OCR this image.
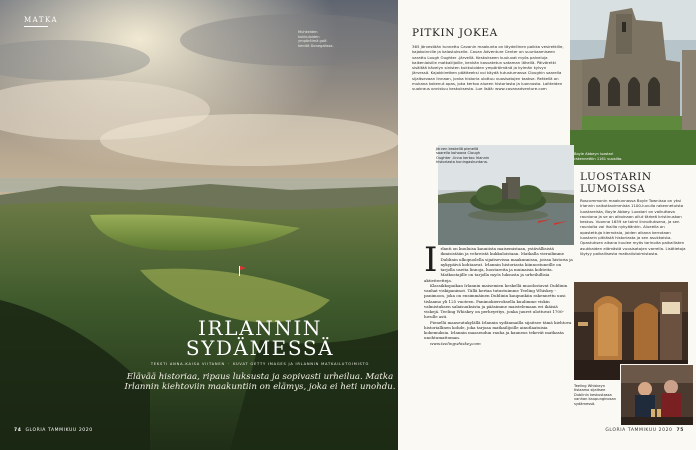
MATKA
Muhkeiden kukkuloiden ympäröimä golf-kenttä Donegalissa.
IRLANNIN
SYDÄMESSÄ
TEKSTI ANNA-KAISA VIITANEN · KUVAT GETTY IMAGES JA IRLANNIN MATKAILUTOIMISTO
Elävää historiaa, ripaus luksusta ja sopivasti urheilua. Matka Irlannin kiehtoviin maakuntiin on elämys, joka ei heti unohdu.
74 GLORIA TAMMIKUU 2020
PITKIN JOKEA

365 järvestään tunnettu Cavanin maakunta on täydellinen paikka vesiretkille, kajakoinnille ja kalastukselle. Cavan Adventure Center on suuntaamiseen varattu Lough Oughter -järvellä. Keskukseen kuuluvat myös palveluja kaikenlaisille matkailijoille, kenkän kasvatetun sataman lähellä. Päiväretki sisältää kävelyn sinisten kukkuloiden ympäröimänä ja kylmän kylvyn järvessä. Kajakkiretken päätteeksi voi käydä tutustumassa Cloughin saarella sijaitsevaan linnaan, jonka historia ulottuu vuosisatojen taakse. Retkellä on mukana kokenut opas, joka kertoo alueen historiasta ja luonnosta. Laitteiden vuokraus onnistuu keskuksesta. Lue lisää: www.cavanadventure.com

Boyle Abbeyn luostari rakennettiin 1161 vuosilta.
Järven keskellä pienellä saarella kohoava Clough Oughter -linna kertoo Irlannin historiasta kuningaskuntana.
LUOSTARIN
LUMOISSA

Roscommonin maakunnassa Boyle Townissa on yksi Irlannin vaikuttavimmista 1100-luvulla rakennetuista luostareista, Boyle Abbey. Luostari on vaikuttava rauniona ja se on aikoinaan ollut tärkeä kristinuskon keskus. Vuonna 1659 se toimi linnoituksena, ja sen raunioita voi ihailla nykyäänkin. Alueella on opastettuja kierroksia, joiden aikana kerrotaan luostarin pitkästä historiasta ja sen asukkaista. Opastuksen aikana kuulee myös tarinoita paikallisten asukkaiden elämästä vuosisatojen varrella. Lisätietoja löytyy paikallisesta matkailutoimistosta.

I rlanti on kuuluisa kauniista maisemistaan, ystävällisistä ihmisistään ja vehreistä kukkuloistaan. Matkalla vierailimme Dublinin ulkopuolella sijaitsevissa maakunnissa, joissa historia ja nykypäivä kohtaavat. Irlannin historiasta kiinnostuneille on tarjolla useita linnoja, luostareita ja muinaisia kohteita. Matkustajille on tarjolla myös luksusta ja urheilullisia aktiviteetteja.

Klassikkopaikan Irlannin maisemien keskellä muodostavat Dublinin vanhat viskipanimot. Tällä kertaa tutustuimme Teeling Whiskey -panimoon, joka on ensimmäinen Dublinin kaupunkiin rakennettu uusi tislaamo yli 125 vuoteen. Panimokierroksella kuulimme viskin valmistuksen salaisuuksista ja pääsimme maistelemaan eri ikäisiä viskejä. Teeling Whiskey on perheyritys, jonka juuret ulottuvat 1700-luvulle asti.

Pienellä maaseutukylällä Irlannin sydänmailla sijaitsee tämä kiehtova historiallinen kohde, joka tarjoaa matkailijoille ainutlaatuisia kokemuksia. Irlannin maaseudun rauha ja kauneus tekevät matkasta unohtumattoman.

www.teelingwhiskey.com

Teeling Whiskeyn tislaamo sijaitsee Dublinin keskustassa vanhan kaupunginosan sydämessä.
GLORIA TAMMIKUU 2020 75
